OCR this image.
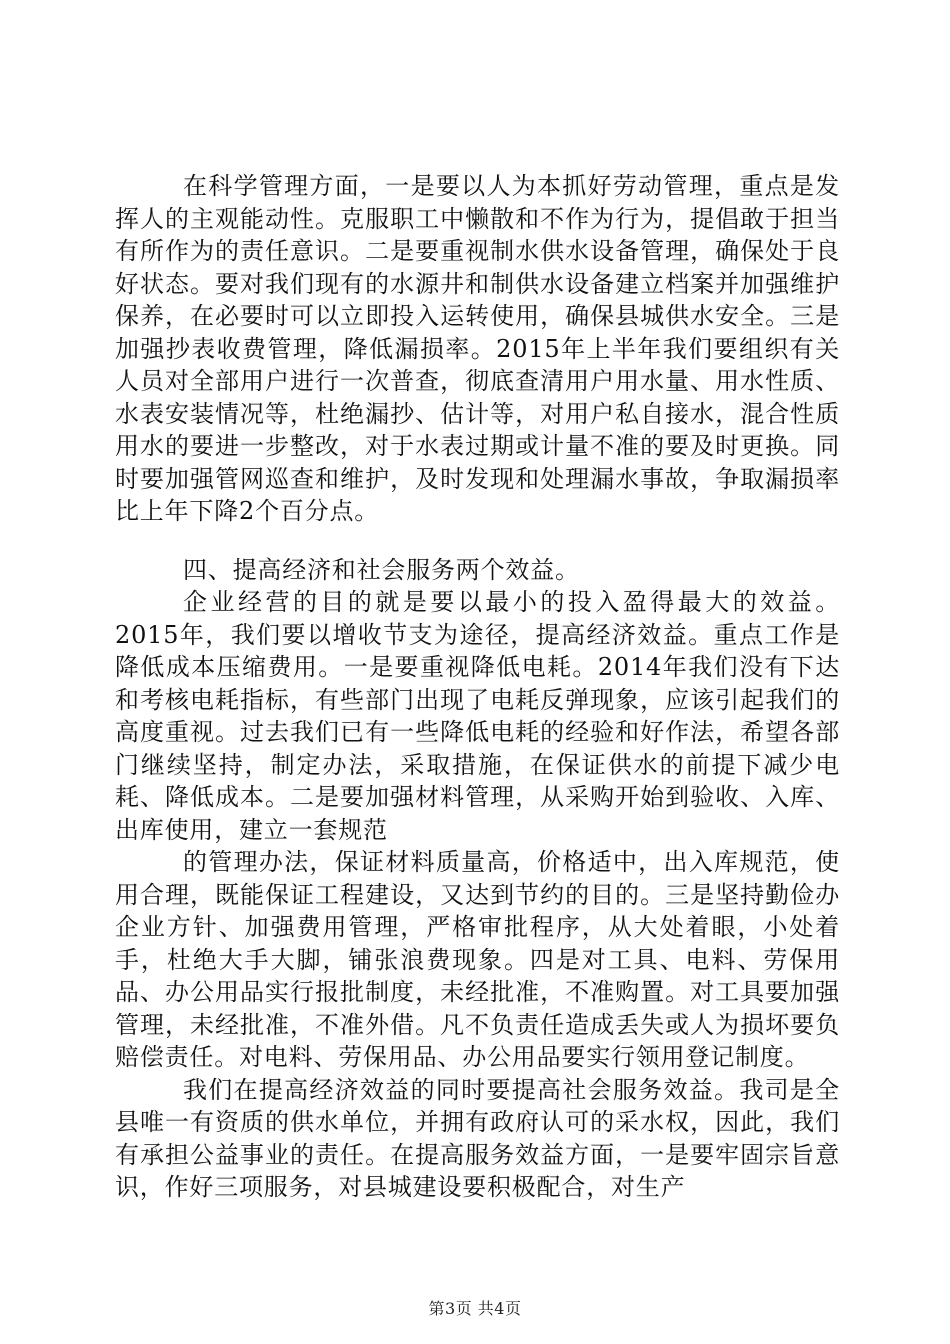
在科学管理方面，一是要以人为本抓好劳动管理，重点是发挥人的主观能动性。克服职工中懒散和不作为行为，提倡敢于担当有所作为的责任意识。二是要重视制水供水设备管理，确保处于良好状态。要对我们现有的水源井和制供水设备建立档案并加强维护保养，在必要时可以立即投入运转使用，确保县城供水安全。三是加强抄表收费管理，降低漏损率。2015年上半年我们要组织有关人员对全部用户进行一次普查，彻底查清用户用水量、用水性质、水表安装情况等，杜绝漏抄、估计等，对用户私自接水，混合性质用水的要进一步整改，对于水表过期或计量不准的要及时更换。同时要加强管网巡查和维护，及时发现和处理漏水事故，争取漏损率比上年下降2个百分点。

四、提高经济和社会服务两个效益。

企业经营的目的就是要以最小的投入盈得最大的效益。2015年，我们要以增收节支为途径，提高经济效益。重点工作是降低成本压缩费用。一是要重视降低电耗。2014年我们没有下达和考核电耗指标，有些部门出现了电耗反弹现象，应该引起我们的高度重视。过去我们已有一些降低电耗的经验和好作法，希望各部门继续坚持，制定办法，采取措施，在保证供水的前提下减少电耗、降低成本。二是要加强材料管理，从采购开始到验收、入库、出库使用，建立一套规范

的管理办法，保证材料质量高，价格适中，出入库规范，使用合理，既能保证工程建设，又达到节约的目的。三是坚持勤俭办企业方针、加强费用管理，严格审批程序，从大处着眼，小处着手，杜绝大手大脚，铺张浪费现象。四是对工具、电料、劳保用品、办公用品实行报批制度，未经批准，不准购置。对工具要加强管理，未经批准，不准外借。凡不负责任造成丢失或人为损坏要负赔偿责任。对电料、劳保用品、办公用品要实行领用登记制度。

我们在提高经济效益的同时要提高社会服务效益。我司是全县唯一有资质的供水单位，并拥有政府认可的采水权，因此，我们有承担公益事业的责任。在提高服务效益方面，一是要牢固宗旨意识，作好三项服务，对县城建设要积极配合，对生产

第3页 共4页
